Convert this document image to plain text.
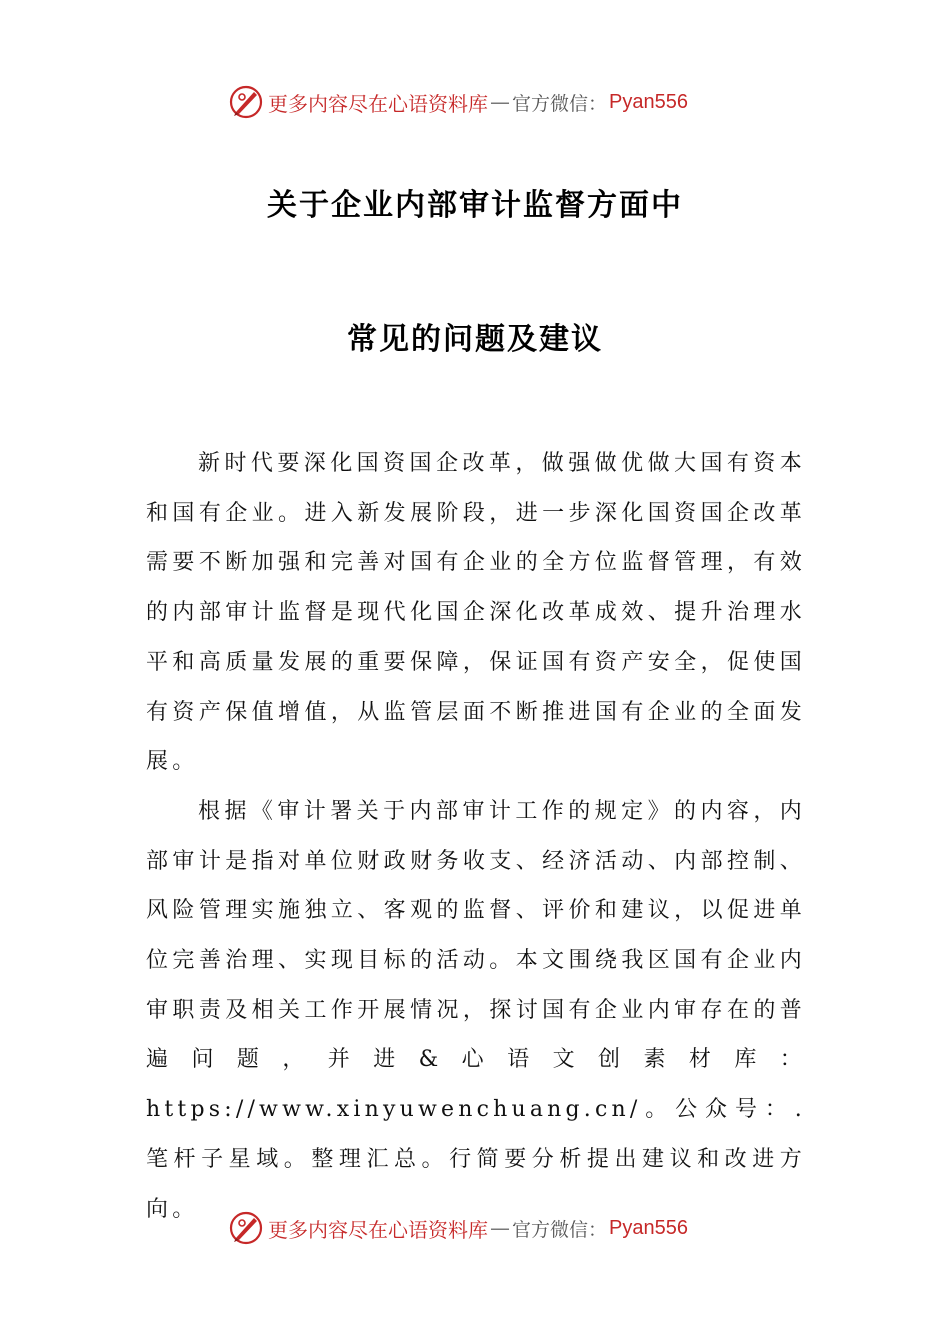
更多内容尽在心语资料库 — 官方微信： Pyan556
关于企业内部审计监督方面中
常见的问题及建议

新时代要深化国资国企改革，做强做优做大国有资本和国有企业。进入新发展阶段，进一步深化国资国企改革需要不断加强和完善对国有企业的全方位监督管理，有效的内部审计监督是现代化国企深化改革成效、提升治理水平和高质量发展的重要保障，保证国有资产安全，促使国有资产保值增值，从监管层面不断推进国有企业的全面发展。

根据《审计署关于内部审计工作的规定》的内容，内部审计是指对单位财政财务收支、经济活动、内部控制、风险管理实施独立、客观的监督、评价和建议，以促进单位完善治理、实现目标的活动。本文围绕我区国有企业内审职责及相关工作开展情况，探讨国有企业内审存在的普遍问题，并进&心语文创素材库：https://www.xinyuwenchuang.cn/。公众号：.笔杆子星域。整理汇总。行简要分析提出建议和改进方向。

更多内容尽在心语资料库 — 官方微信： Pyan556
